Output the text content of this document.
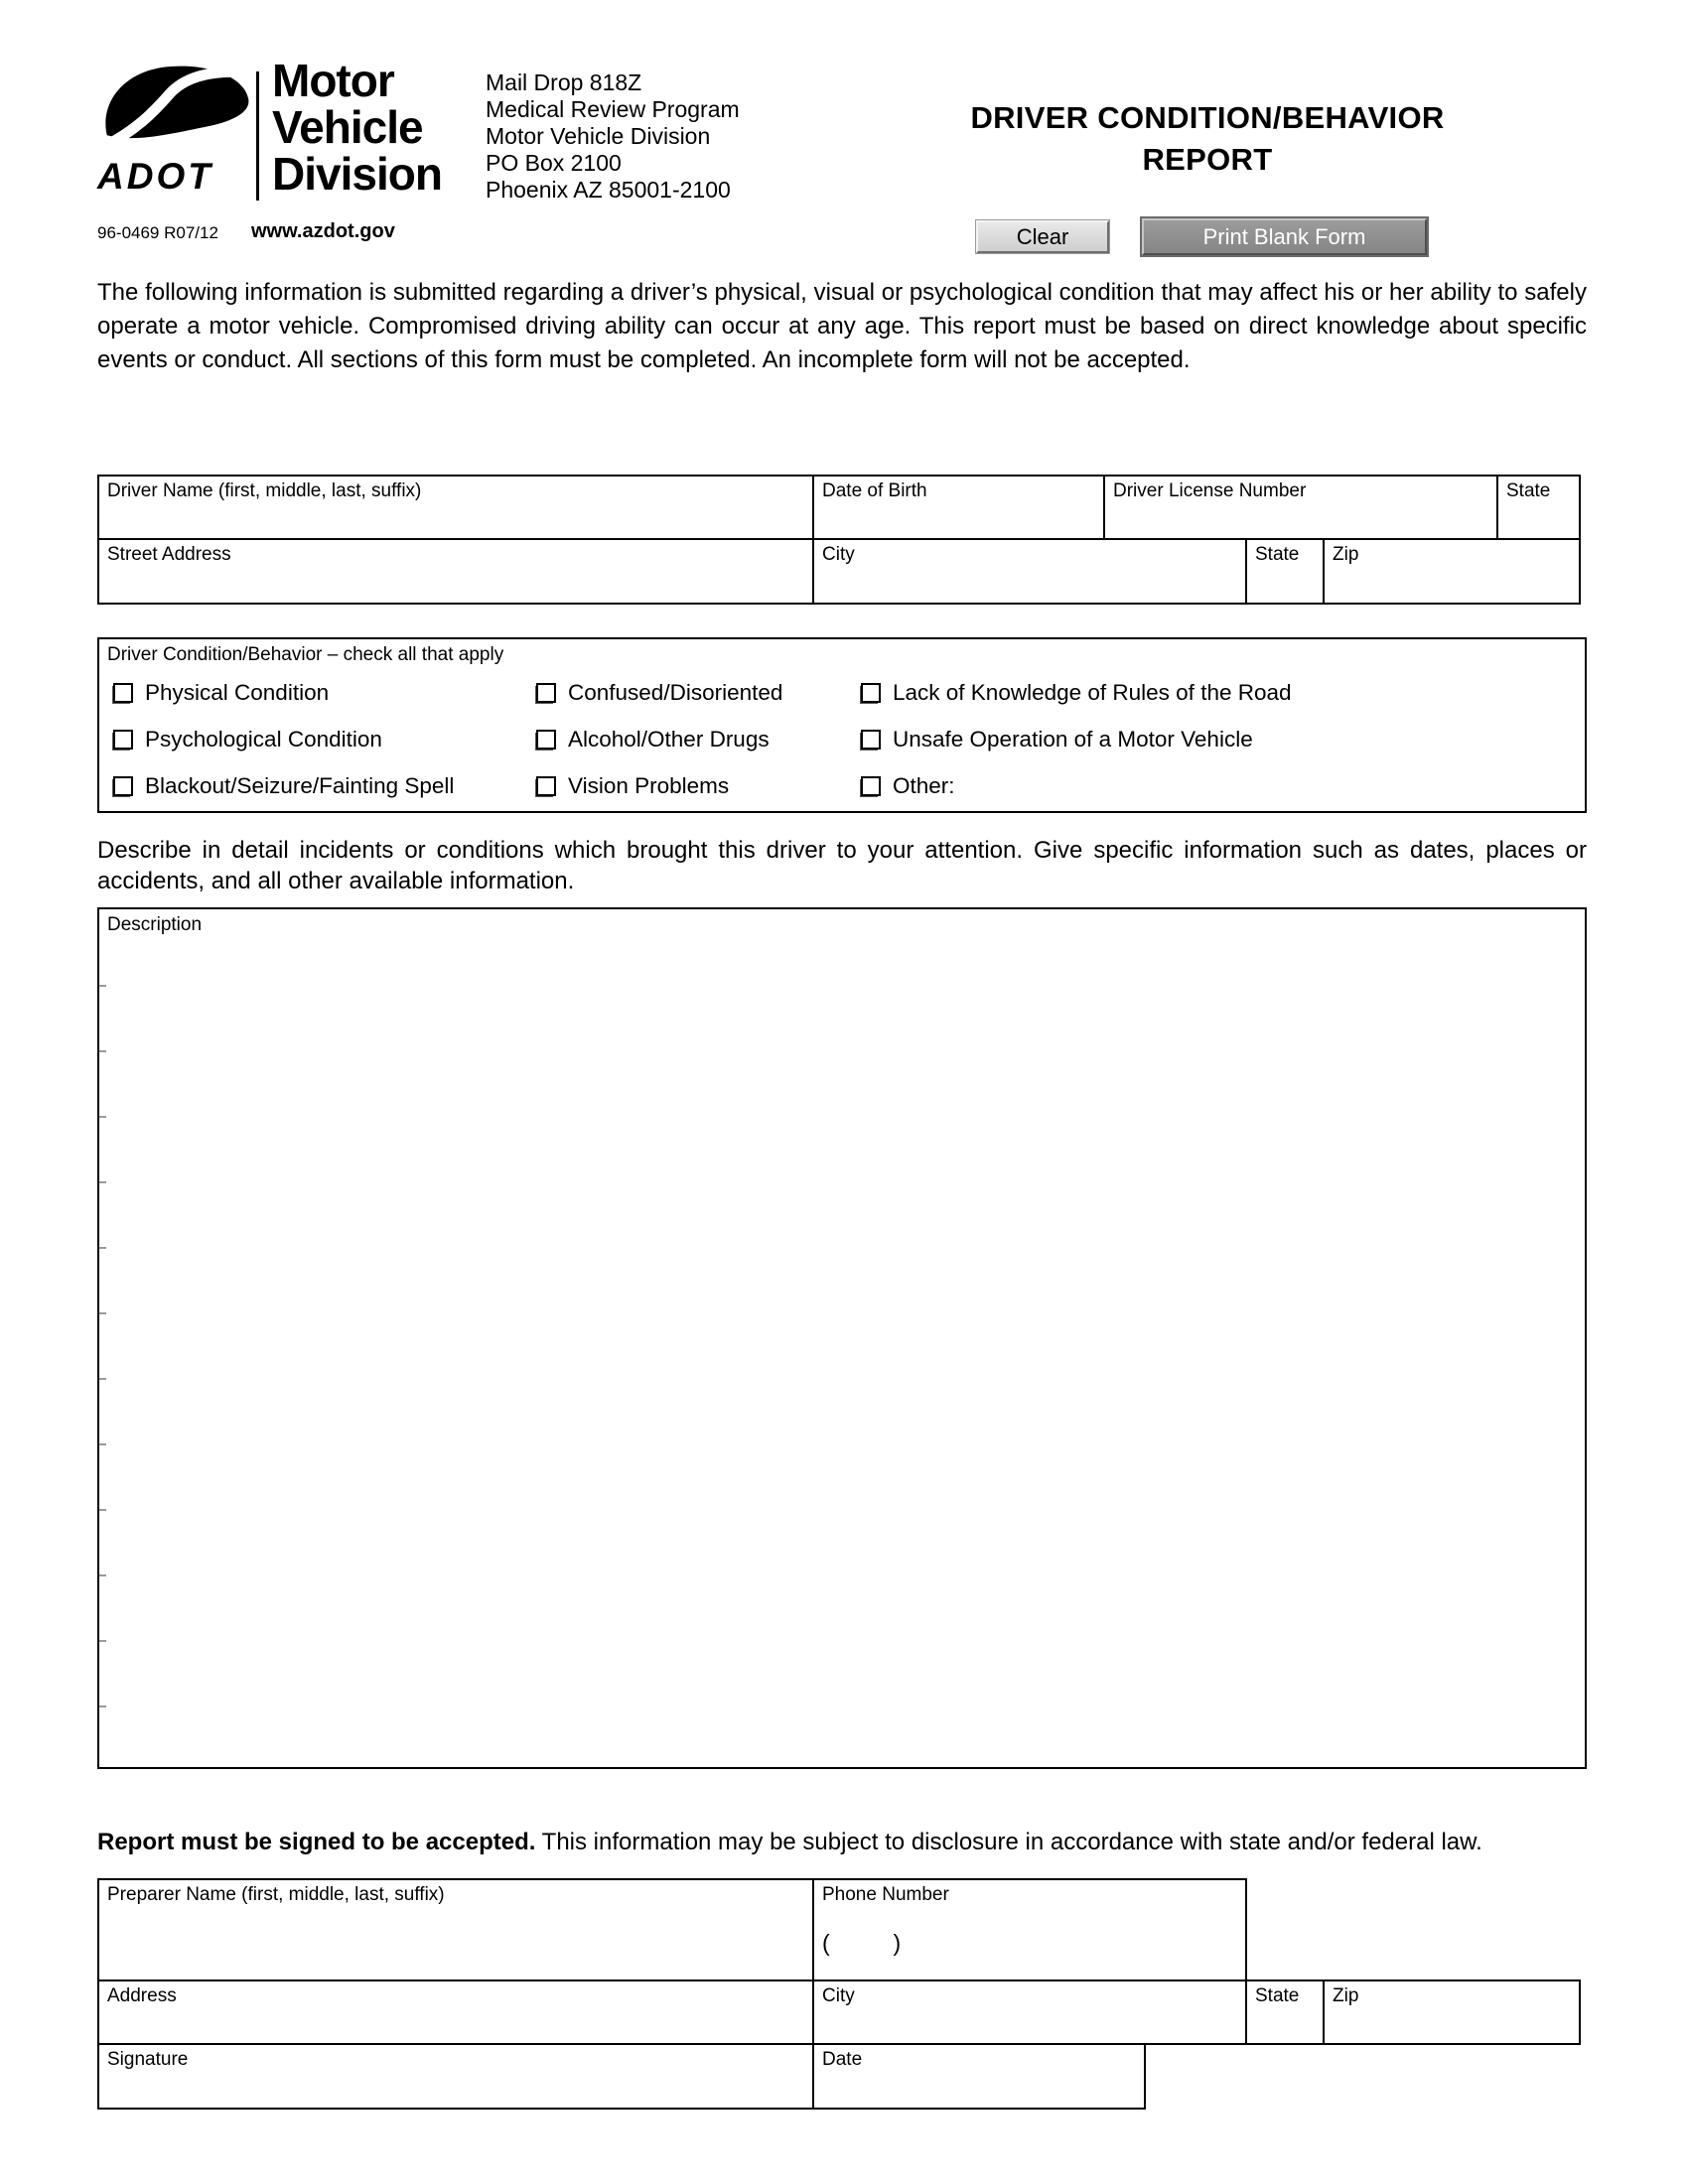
ADOT
Motor
Vehicle
Division
Mail Drop 818Z
Medical Review Program
Motor Vehicle Division
PO Box 2100
Phoenix AZ 85001-2100
DRIVER CONDITION/BEHAVIOR
REPORT
Clear	Print Blank Form
96-0469 R07/12 www.azdot.gov

The following information is submitted regarding a driver’s physical, visual or psychological condition that may affect his or her ability to safely operate a motor vehicle. Compromised driving ability can occur at any age. This report must be based on direct knowledge about specific events or conduct. All sections of this form must be completed. An incomplete form will not be accepted.

Driver Name (first, middle, last, suffix)	Date of Birth	Driver License Number	State
Street Address	City	State	Zip
Driver Condition/Behavior – check all that apply
Physical Condition	Confused/Disoriented	Lack of Knowledge of Rules of the Road
Psychological Condition	Alcohol/Other Drugs	Unsafe Operation of a Motor Vehicle
Blackout/Seizure/Fainting Spell	Vision Problems	Other:

Describe in detail incidents or conditions which brought this driver to your attention. Give specific information such as dates, places or accidents, and all other available information.

Description
Report must be signed to be accepted. This information may be subject to disclosure in accordance with state and/or federal law.
Preparer Name (first, middle, last, suffix)	Phone Number
(          )
Address	City	State	Zip
Signature	Date
